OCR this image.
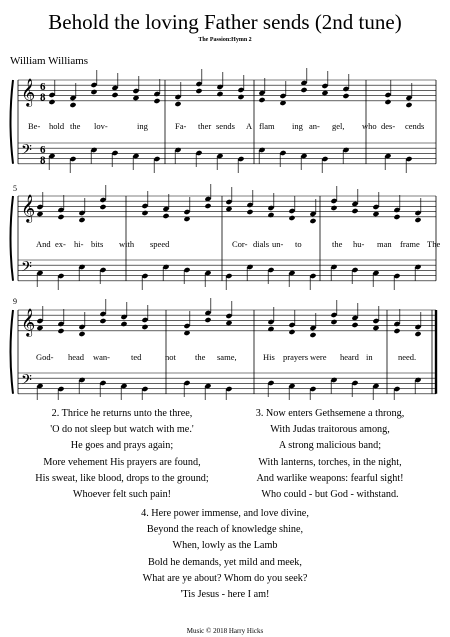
Behold the loving Father sends (2nd tune)
The Passion:Hymn 2
William Williams
𝄞
𝄢
6
8
6
8
𝄞
𝄢
𝄞
𝄢
Be- hold the lov-	ing	Fa- ther sends A flam ing an- gel, who des- cends
5
And ex- hi- bits with speed	Cor- dials un- to	the hu- man frame The
9
God- head wan- ted	not the same,	His prayers were heard in	need.
2. Thrice he returns unto the three,
'O do not sleep but watch with me.'
He goes and prays again;
More vehement His prayers are found,
His sweat, like blood, drops to the ground;
Whoever felt such pain!
3. Now enters Gethsemene a throng,
With Judas traitorous among,
A strong malicious band;
With lanterns, torches, in the night,
And warlike weapons: fearful sight!
Who could - but God - withstand.
4. Here power immense, and love divine,
Beyond the reach of knowledge shine,
When, lowly as the Lamb
Bold he demands, yet mild and meek,
What are ye about? Whom do you seek?
'Tis Jesus - here I am!
Music © 2018 Harry Hicks
